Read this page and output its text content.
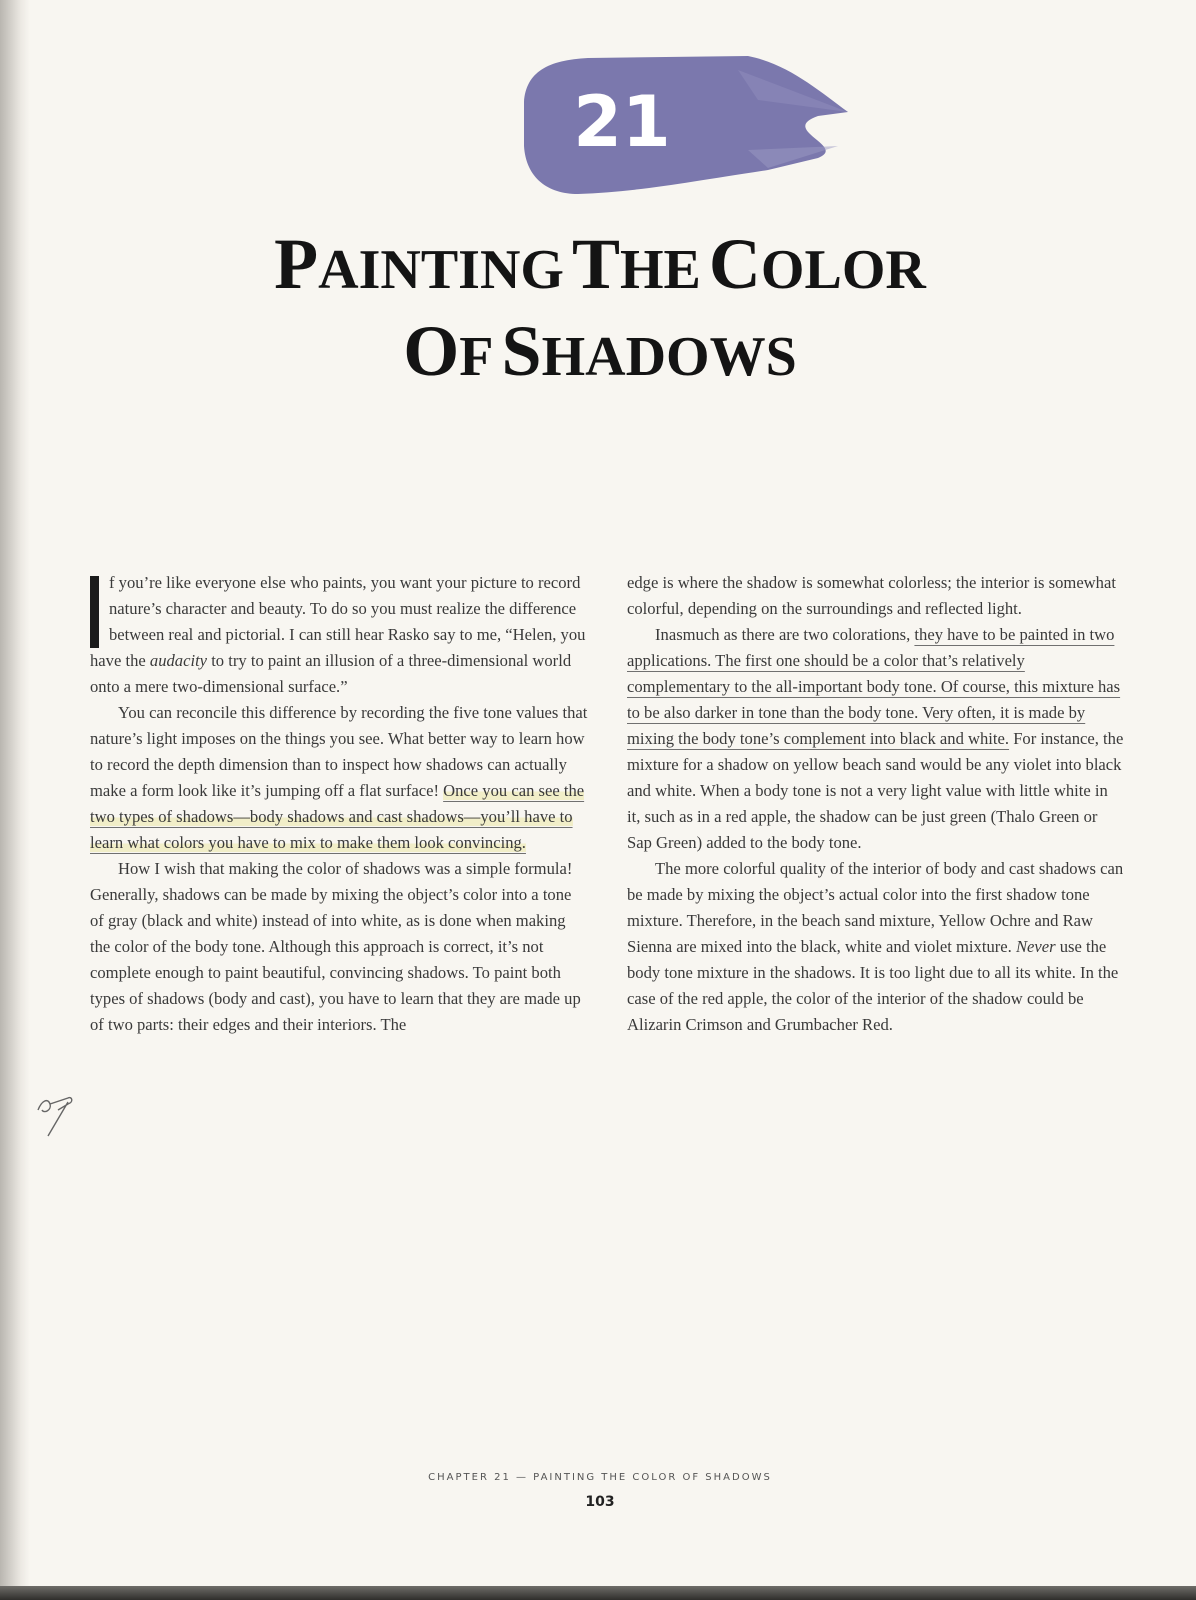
21
PAINTING THE COLOR
OF SHADOWS

f you’re like everyone else who paints, you want your picture to record nature’s character and beauty. To do so you must realize the difference between real and pictorial. I can still hear Rasko say to me, “Helen, you have the audacity to try to paint an illusion of a three-dimensional world onto a mere two-dimensional surface.”

You can reconcile this difference by recording the five tone values that nature’s light imposes on the things you see. What better way to learn how to record the depth dimension than to inspect how shadows can actually make a form look like it’s jumping off a flat surface! Once you can see the two types of shadows—body shadows and cast shadows—you’ll have to learn what colors you have to mix to make them look convincing.

How I wish that making the color of shadows was a simple formula! Generally, shadows can be made by mixing the object’s color into a tone of gray (black and white) instead of into white, as is done when making the color of the body tone. Although this approach is correct, it’s not complete enough to paint beautiful, convincing shadows. To paint both types of shadows (body and cast), you have to learn that they are made up of two parts: their edges and their interiors. The

edge is where the shadow is somewhat colorless; the interior is somewhat colorful, depending on the surroundings and reflected light.

Inasmuch as there are two colorations, they have to be painted in two applications. The first one should be a color that’s relatively complementary to the all-important body tone. Of course, this mixture has to be also darker in tone than the body tone. Very often, it is made by mixing the body tone’s complement into black and white. For instance, the mixture for a shadow on yellow beach sand would be any violet into black and white. When a body tone is not a very light value with little white in it, such as in a red apple, the shadow can be just green (Thalo Green or Sap Green) added to the body tone.

The more colorful quality of the interior of body and cast shadows can be made by mixing the object’s actual color into the first shadow tone mixture. Therefore, in the beach sand mixture, Yellow Ochre and Raw Sienna are mixed into the black, white and violet mixture. Never use the body tone mixture in the shadows. It is too light due to all its white. In the case of the red apple, the color of the interior of the shadow could be Alizarin Crimson and Grumbacher Red.

CHAPTER 21 — PAINTING THE COLOR OF SHADOWS
103
